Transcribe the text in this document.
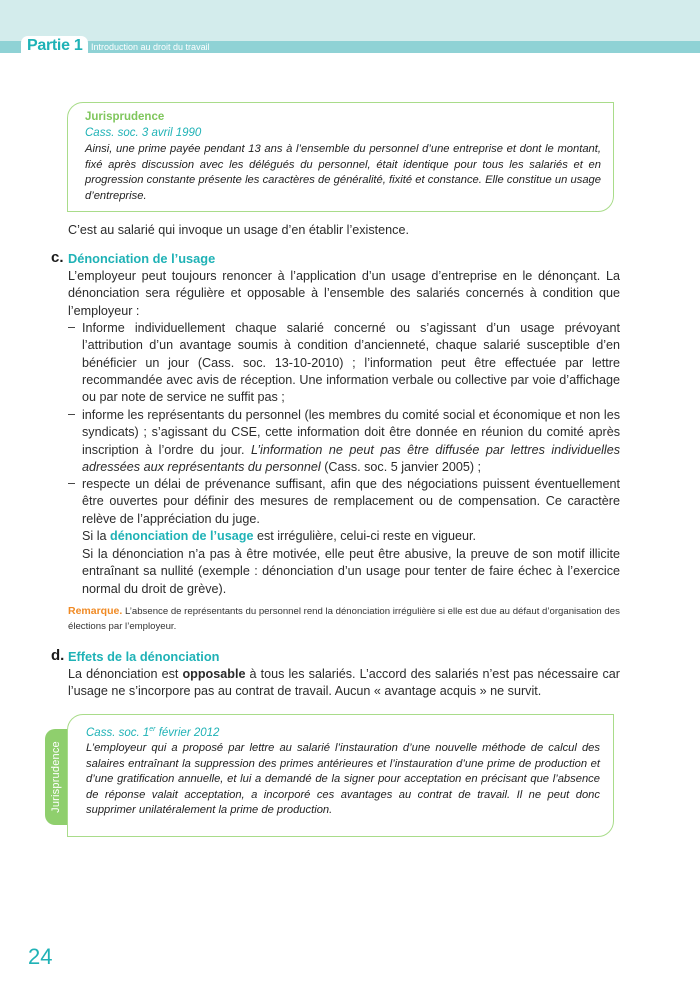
Partie 1 Introduction au droit du travail
Jurisprudence
Cass. soc. 3 avril 1990
Ainsi, une prime payée pendant 13 ans à l’ensemble du personnel d’une entreprise et dont le montant, fixé après discussion avec les délégués du personnel, était identique pour tous les salariés et en progression constante présente les caractères de généralité, fixité et constance. Elle constitue un usage d’entreprise.
C’est au salarié qui invoque un usage d’en établir l’existence.
c. Dénonciation de l’usage
L’employeur peut toujours renoncer à l’application d’un usage d’entreprise en le dénonçant. La dénonciation sera régulière et opposable à l’ensemble des salariés concernés à condition que l’employeur :
– Informe individuellement chaque salarié concerné ou s’agissant d’un usage prévoyant l’attribution d’un avantage soumis à condition d’ancienneté, chaque salarié susceptible d’en bénéficier un jour (Cass. soc. 13-10-2010) ; l’information peut être effectuée par lettre recommandée avec avis de réception. Une information verbale ou collective par voie d’affichage ou par note de service ne suffit pas ;
– informe les représentants du personnel (les membres du comité social et économique et non les syndicats) ; s’agissant du CSE, cette information doit être donnée en réunion du comité après inscription à l’ordre du jour. L’information ne peut pas être diffusée par lettres individuelles adressées aux représentants du personnel (Cass. soc. 5 janvier 2005) ;
– respecte un délai de prévenance suffisant, afin que des négociations puissent éventuellement être ouvertes pour définir des mesures de remplacement ou de compensation. Ce caractère relève de l’appréciation du juge.
Si la dénonciation de l’usage est irrégulière, celui-ci reste en vigueur.
Si la dénonciation n’a pas à être motivée, elle peut être abusive, la preuve de son motif illicite entraînant sa nullité (exemple : dénonciation d’un usage pour tenter de faire échec à l’exercice normal du droit de grève).
Remarque. L’absence de représentants du personnel rend la dénonciation irrégulière si elle est due au défaut d’organisation des élections par l’employeur.
d. Effets de la dénonciation
La dénonciation est opposable à tous les salariés. L’accord des salariés n’est pas nécessaire car l’usage ne s’incorpore pas au contrat de travail. Aucun « avantage acquis » ne survit.
Jurisprudence
Cass. soc. 1er février 2012
L’employeur qui a proposé par lettre au salarié l’instauration d’une nouvelle méthode de calcul des salaires entraînant la suppression des primes antérieures et l’instauration d’une prime de production et d’une gratification annuelle, et lui a demandé de la signer pour acceptation en précisant que l’absence de réponse valait acceptation, a incorporé ces avantages au contrat de travail. Il ne peut donc supprimer unilatéralement la prime de production.
24
